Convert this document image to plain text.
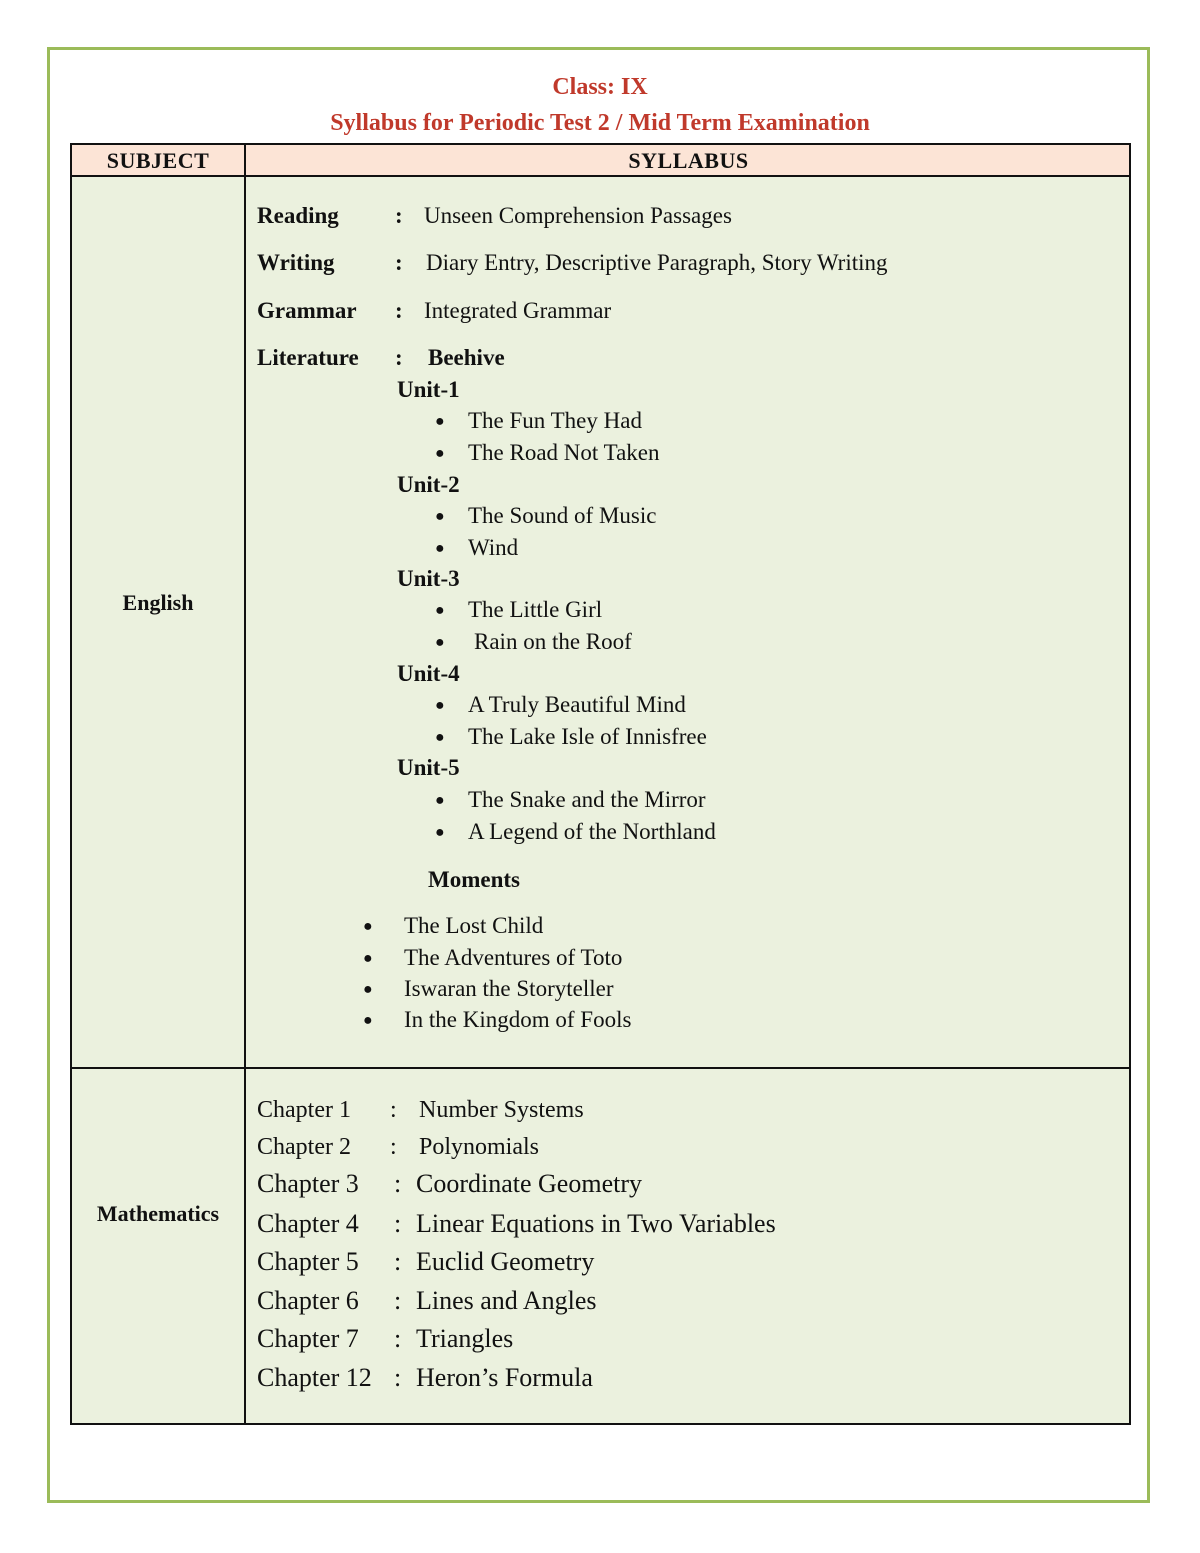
Class: IX
Syllabus for Periodic Test 2 / Mid Term Examination
SUBJECT	SYLLABUS
English
Reading : Unseen Comprehension Passages
Writing	: Diary Entry, Descriptive Paragraph, Story Writing
Grammar : Integrated Grammar
Literature : Beehive
Unit-1
● The Fun They Had
● The Road Not Taken
Unit-2
● The Sound of Music
● Wind
Unit-3
● The Little Girl
● Rain on the Roof
Unit-4
● A Truly Beautiful Mind
● The Lake Isle of Innisfree
Unit-5
● The Snake and the Mirror
● A Legend of the Northland
Moments
● The Lost Child
● The Adventures of Toto
● Iswaran the Storyteller
● In the Kingdom of Fools
Mathematics
Chapter 1 : Number Systems
Chapter 2 : Polynomials
Chapter 3 : Coordinate Geometry
Chapter 4 : Linear Equations in Two Variables
Chapter 5 : Euclid Geometry
Chapter 6 : Lines and Angles
Chapter 7 : Triangles
Chapter 12 : Heron’s Formula
